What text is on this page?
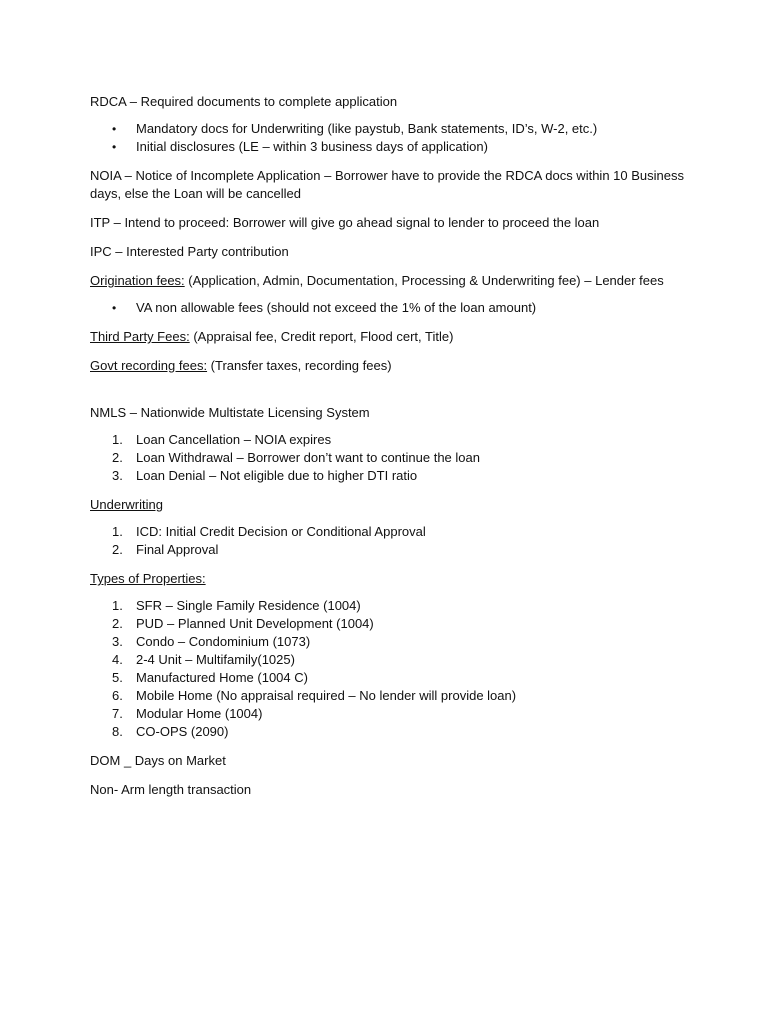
RDCA – Required documents to complete application

• Mandatory docs for Underwriting (like paystub, Bank statements, ID’s, W-2, etc.)
• Initial disclosures (LE – within 3 business days of application)

NOIA – Notice of Incomplete Application – Borrower have to provide the RDCA docs within 10 Business days, else the Loan will be cancelled

ITP – Intend to proceed: Borrower will give go ahead signal to lender to proceed the loan

IPC – Interested Party contribution

Origination fees: (Application, Admin, Documentation, Processing & Underwriting fee) – Lender fees

• VA non allowable fees (should not exceed the 1% of the loan amount)

Third Party Fees: (Appraisal fee, Credit report, Flood cert, Title)

Govt recording fees: (Transfer taxes, recording fees)

NMLS – Nationwide Multistate Licensing System

1. Loan Cancellation – NOIA expires
2. Loan Withdrawal – Borrower don’t want to continue the loan
3. Loan Denial – Not eligible due to higher DTI ratio

Underwriting

1. ICD: Initial Credit Decision or Conditional Approval
2. Final Approval

Types of Properties:

1. SFR – Single Family Residence (1004)
2. PUD – Planned Unit Development (1004)
3. Condo – Condominium (1073)
4. 2-4 Unit – Multifamily(1025)
5. Manufactured Home (1004 C)
6. Mobile Home (No appraisal required – No lender will provide loan)
7. Modular Home (1004)
8. CO-OPS (2090)

DOM _ Days on Market

Non- Arm length transaction
